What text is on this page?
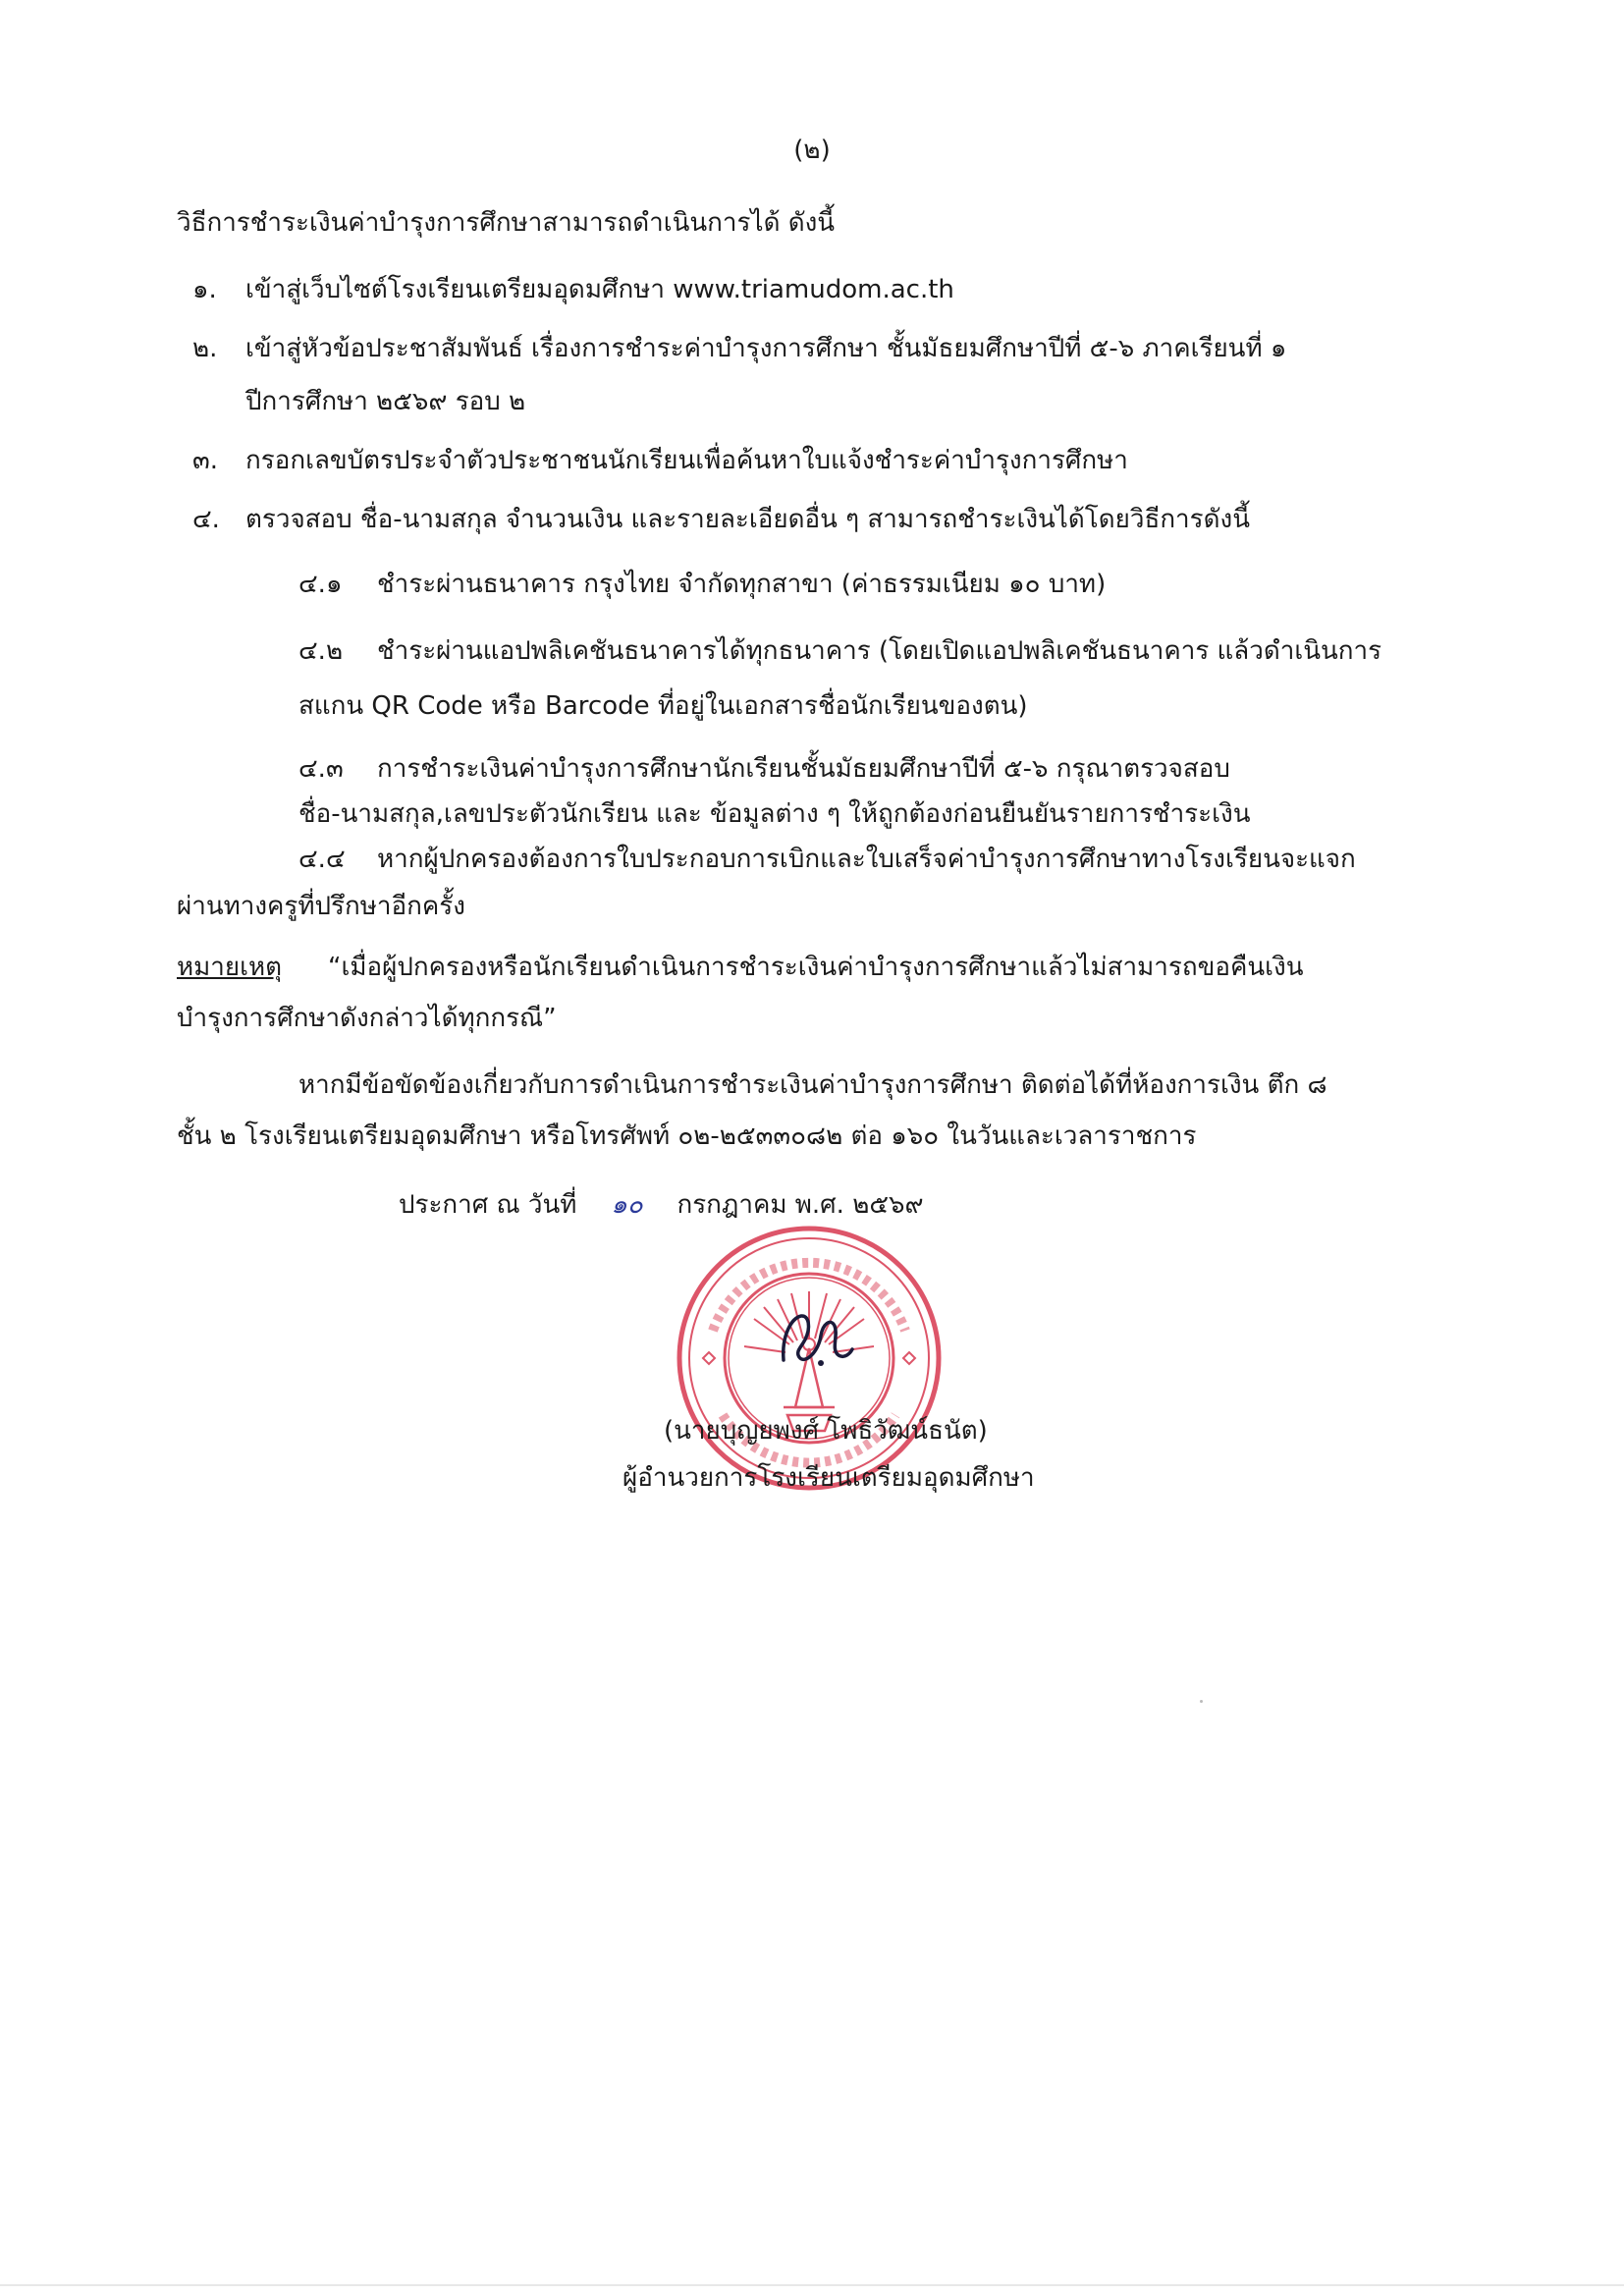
(๒)
วิธีการชำระเงินค่าบำรุงการศึกษาสามารถดำเนินการได้ ดังนี้
๑. เข้าสู่เว็บไซต์โรงเรียนเตรียมอุดมศึกษา www.triamudom.ac.th
๒. เข้าสู่หัวข้อประชาสัมพันธ์ เรื่องการชำระค่าบำรุงการศึกษา ชั้นมัธยมศึกษาปีที่ ๕-๖ ภาคเรียนที่ ๑
ปีการศึกษา ๒๕๖๙ รอบ ๒
๓. กรอกเลขบัตรประจำตัวประชาชนนักเรียนเพื่อค้นหาใบแจ้งชำระค่าบำรุงการศึกษา
๔. ตรวจสอบ ชื่อ-นามสกุล จำนวนเงิน และรายละเอียดอื่น ๆ สามารถชำระเงินได้โดยวิธีการดังนี้
๔.๑ ชำระผ่านธนาคาร กรุงไทย จำกัดทุกสาขา (ค่าธรรมเนียม ๑๐ บาท)
๔.๒ ชำระผ่านแอปพลิเคชันธนาคารได้ทุกธนาคาร (โดยเปิดแอปพลิเคชันธนาคาร แล้วดำเนินการ
สแกน QR Code หรือ Barcode ที่อยู่ในเอกสารชื่อนักเรียนของตน)
๔.๓ การชำระเงินค่าบำรุงการศึกษานักเรียนชั้นมัธยมศึกษาปีที่ ๕-๖ กรุณาตรวจสอบ
ชื่อ-นามสกุล,เลขประตัวนักเรียน และ ข้อมูลต่าง ๆ ให้ถูกต้องก่อนยืนยันรายการชำระเงิน
๔.๔ หากผู้ปกครองต้องการใบประกอบการเบิกและใบเสร็จค่าบำรุงการศึกษาทางโรงเรียนจะแจก
ผ่านทางครูที่ปรึกษาอีกครั้ง
หมายเหตุ “เมื่อผู้ปกครองหรือนักเรียนดำเนินการชำระเงินค่าบำรุงการศึกษาแล้วไม่สามารถขอคืนเงิน
บำรุงการศึกษาดังกล่าวได้ทุกกรณี”
หากมีข้อขัดข้องเกี่ยวกับการดำเนินการชำระเงินค่าบำรุงการศึกษา ติดต่อได้ที่ห้องการเงิน ตึก ๘
ชั้น ๒ โรงเรียนเตรียมอุดมศึกษา หรือโทรศัพท์ ๐๒-๒๕๓๓๐๘๒ ต่อ ๑๖๐ ในวันและเวลาราชการ
ประกาศ ณ วันที่ ๑๐ กรกฎาคม พ.ศ. ๒๕๖๙
(นายบุญยพงศ์ โพธิวัฒน์ธนัต)
ผู้อำนวยการโรงเรียนเตรียมอุดมศึกษา
